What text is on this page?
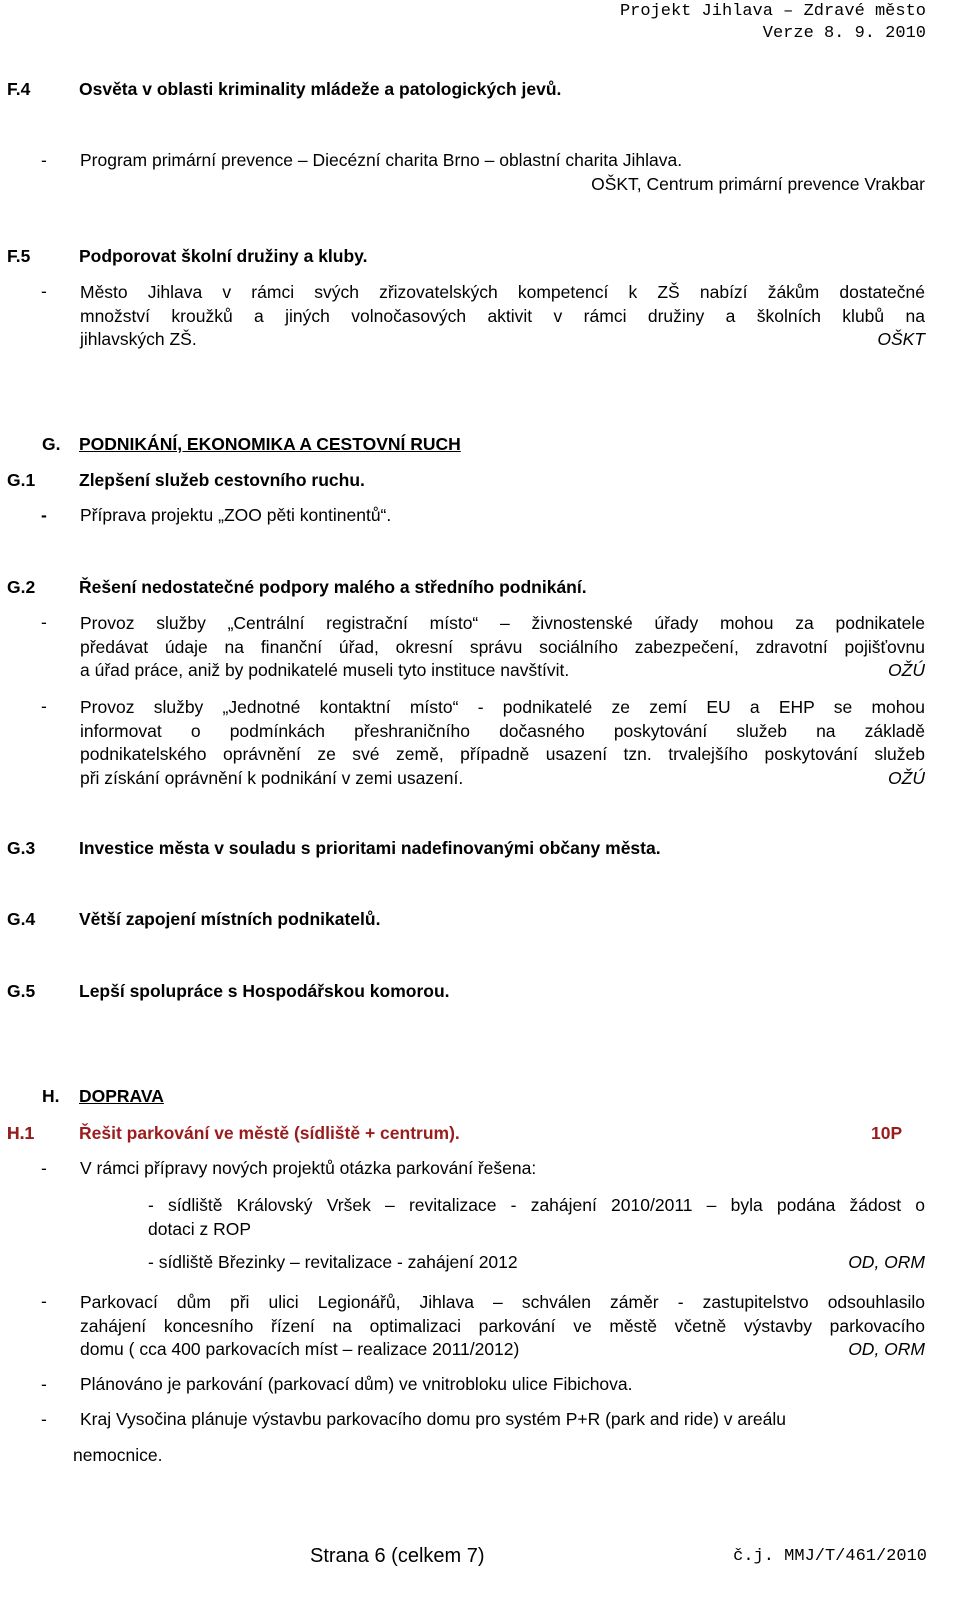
Projekt Jihlava – Zdravé město
Verze 8. 9. 2010
F.4	Osvěta v oblasti kriminality mládeže a patologických jevů.
- Program primární prevence – Diecézní charita Brno – oblastní charita Jihlava.
OŠKT, Centrum primární prevence Vrakbar
F.5	Podporovat školní družiny a kluby.
- Město Jihlava v rámci svých zřizovatelských kompetencí k ZŠ nabízí žákům dostatečné
množství kroužků a jiných volnočasových aktivit v rámci družiny a školních klubů na
jihlavských ZŠ.	OŠKT
G. PODNIKÁNÍ, EKONOMIKA A CESTOVNÍ RUCH
G.1	Zlepšení služeb cestovního ruchu.
- Příprava projektu „ZOO pěti kontinentů“.
G.2	Řešení nedostatečné podpory malého a středního podnikání.
- Provoz služby „Centrální registrační místo“ – živnostenské úřady mohou za podnikatele
předávat údaje na finanční úřad, okresní správu sociálního zabezpečení, zdravotní pojišťovnu
a úřad práce, aniž by podnikatelé museli tyto instituce navštívit.	OŽÚ
- Provoz služby „Jednotné kontaktní místo“ - podnikatelé ze zemí EU a EHP se mohou
informovat o podmínkách přeshraničního dočasného poskytování služeb na základě
podnikatelského oprávnění ze své země, případně usazení tzn. trvalejšího poskytování služeb
při získání oprávnění k podnikání v zemi usazení.	OŽÚ
G.3	Investice města v souladu s prioritami nadefinovanými občany města.
G.4	Větší zapojení místních podnikatelů.
G.5	Lepší spolupráce s Hospodářskou komorou.
H. DOPRAVA
H.1	Řešit parkování ve městě (sídliště + centrum).	10P
- V rámci přípravy nových projektů otázka parkování řešena:
- sídliště Královský Vršek – revitalizace - zahájení 2010/2011 – byla podána žádost o
dotaci z ROP
- sídliště Březinky – revitalizace - zahájení 2012	OD, ORM
- Parkovací dům při ulici Legionářů, Jihlava – schválen záměr - zastupitelstvo odsouhlasilo
zahájení koncesního řízení na optimalizaci parkování ve městě včetně výstavby parkovacího
domu ( cca 400 parkovacích míst – realizace 2011/2012)	OD, ORM
- Plánováno je parkování (parkovací dům) ve vnitrobloku ulice Fibichova.
- Kraj Vysočina plánuje výstavbu parkovacího domu pro systém P+R (park and ride) v areálu
nemocnice.
Strana 6 (celkem 7)	č.j. MMJ/T/461/2010
